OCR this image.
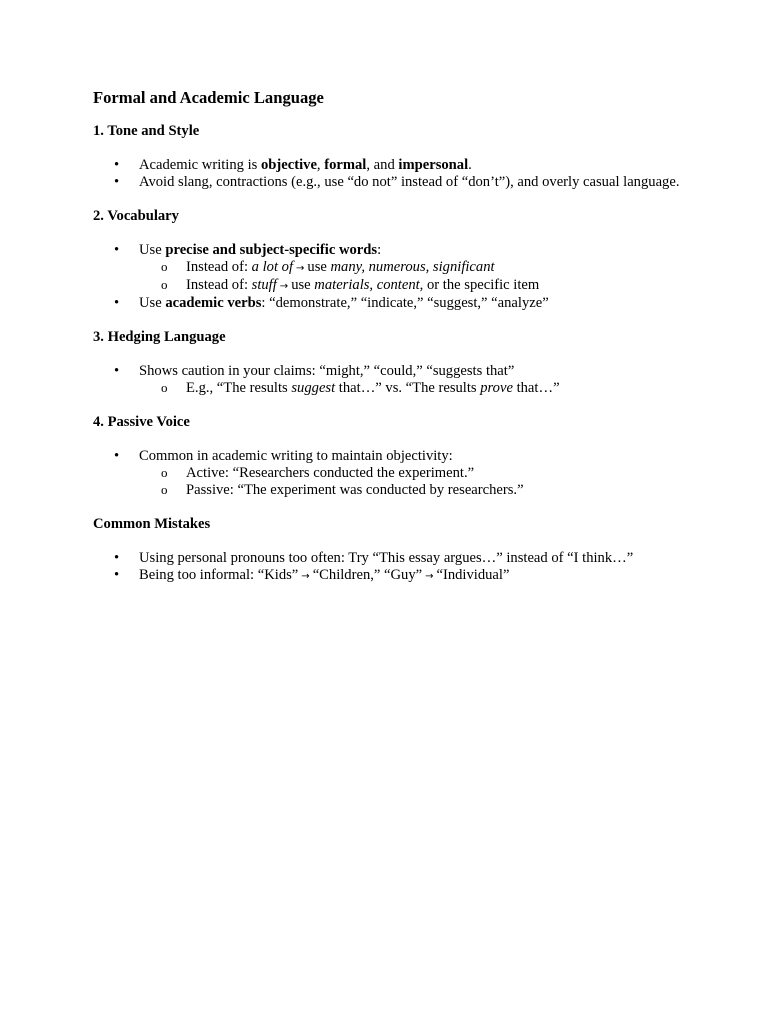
Formal and Academic Language
1. Tone and Style
• Academic writing is objective, formal, and impersonal.
• Avoid slang, contractions (e.g., use “do not” instead of “don’t”), and overly casual language.
2. Vocabulary
• Use precise and subject-specific words:
o Instead of: a lot of → use many, numerous, significant
o Instead of: stuff → use materials, content, or the specific item
• Use academic verbs: “demonstrate,” “indicate,” “suggest,” “analyze”
3. Hedging Language
• Shows caution in your claims: “might,” “could,” “suggests that”
o E.g., “The results suggest that…” vs. “The results prove that…”
4. Passive Voice
• Common in academic writing to maintain objectivity:
o Active: “Researchers conducted the experiment.”
o Passive: “The experiment was conducted by researchers.”
Common Mistakes
• Using personal pronouns too often: Try “This essay argues…” instead of “I think…”
• Being too informal: “Kids” → “Children,” “Guy” → “Individual”
